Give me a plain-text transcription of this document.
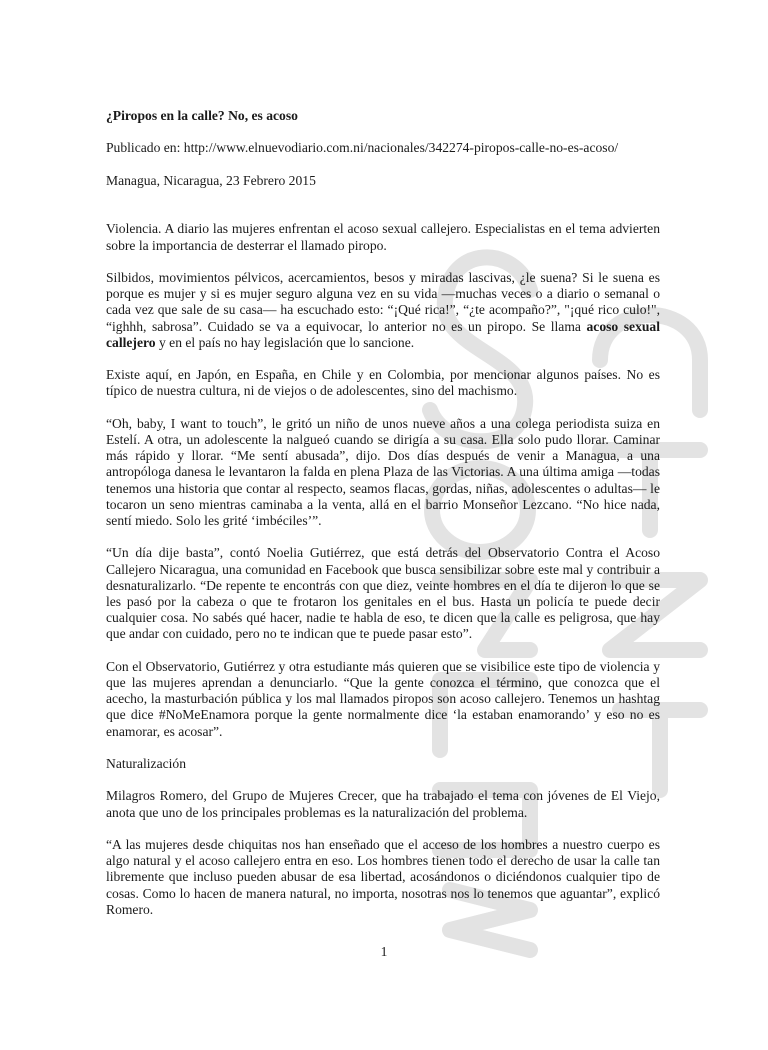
¿Piropos en la calle? No, es acoso

Publicado en: http://www.elnuevodiario.com.ni/nacionales/342274-piropos-calle-no-es-acoso/

Managua, Nicaragua, 23 Febrero 2015

Violencia. A diario las mujeres enfrentan el acoso sexual callejero. Especialistas en el tema advierten sobre la importancia de desterrar el llamado piropo.

Silbidos, movimientos pélvicos, acercamientos, besos y miradas lascivas, ¿le suena? Si le suena es porque es mujer y si es mujer seguro alguna vez en su vida —muchas veces o a diario o semanal o cada vez que sale de su casa— ha escuchado esto: “¡Qué rica!”, “¿te acompaño?”, "¡qué rico culo!", “ighhh, sabrosa”. Cuidado se va a equivocar, lo anterior no es un piropo. Se llama acoso sexual callejero y en el país no hay legislación que lo sancione.

Existe aquí, en Japón, en España, en Chile y en Colombia, por mencionar algunos países. No es típico de nuestra cultura, ni de viejos o de adolescentes, sino del machismo.

“Oh, baby, I want to touch”, le gritó un niño de unos nueve años a una colega periodista suiza en Estelí. A otra, un adolescente la nalgueó cuando se dirigía a su casa. Ella solo pudo llorar. Caminar más rápido y llorar. “Me sentí abusada”, dijo. Dos días después de venir a Managua, a una antropóloga danesa le levantaron la falda en plena Plaza de las Victorias. A una última amiga —todas tenemos una historia que contar al respecto, seamos flacas, gordas, niñas, adolescentes o adultas— le tocaron un seno mientras caminaba a la venta, allá en el barrio Monseñor Lezcano. “No hice nada, sentí miedo. Solo les grité ‘imbéciles’”.

“Un día dije basta”, contó Noelia Gutiérrez, que está detrás del Observatorio Contra el Acoso Callejero Nicaragua, una comunidad en Facebook que busca sensibilizar sobre este mal y contribuir a desnaturalizarlo. “De repente te encontrás con que diez, veinte hombres en el día te dijeron lo que se les pasó por la cabeza o que te frotaron los genitales en el bus. Hasta un policía te puede decir cualquier cosa. No sabés qué hacer, nadie te habla de eso, te dicen que la calle es peligrosa, que hay que andar con cuidado, pero no te indican que te puede pasar esto”.

Con el Observatorio, Gutiérrez y otra estudiante más quieren que se visibilice este tipo de violencia y que las mujeres aprendan a denunciarlo. “Que la gente conozca el término, que conozca que el acecho, la masturbación pública y los mal llamados piropos son acoso callejero. Tenemos un hashtag que dice #NoMeEnamora porque la gente normalmente dice ‘la estaban enamorando’ y eso no es enamorar, es acosar”.

Naturalización

Milagros Romero, del Grupo de Mujeres Crecer, que ha trabajado el tema con jóvenes de El Viejo, anota que uno de los principales problemas es la naturalización del problema.

“A las mujeres desde chiquitas nos han enseñado que el acceso de los hombres a nuestro cuerpo es algo natural y el acoso callejero entra en eso. Los hombres tienen todo el derecho de usar la calle tan libremente que incluso pueden abusar de esa libertad, acosándonos o diciéndonos cualquier tipo de cosas. Como lo hacen de manera natural, no importa, nosotras nos lo tenemos que aguantar”, explicó Romero.

1
